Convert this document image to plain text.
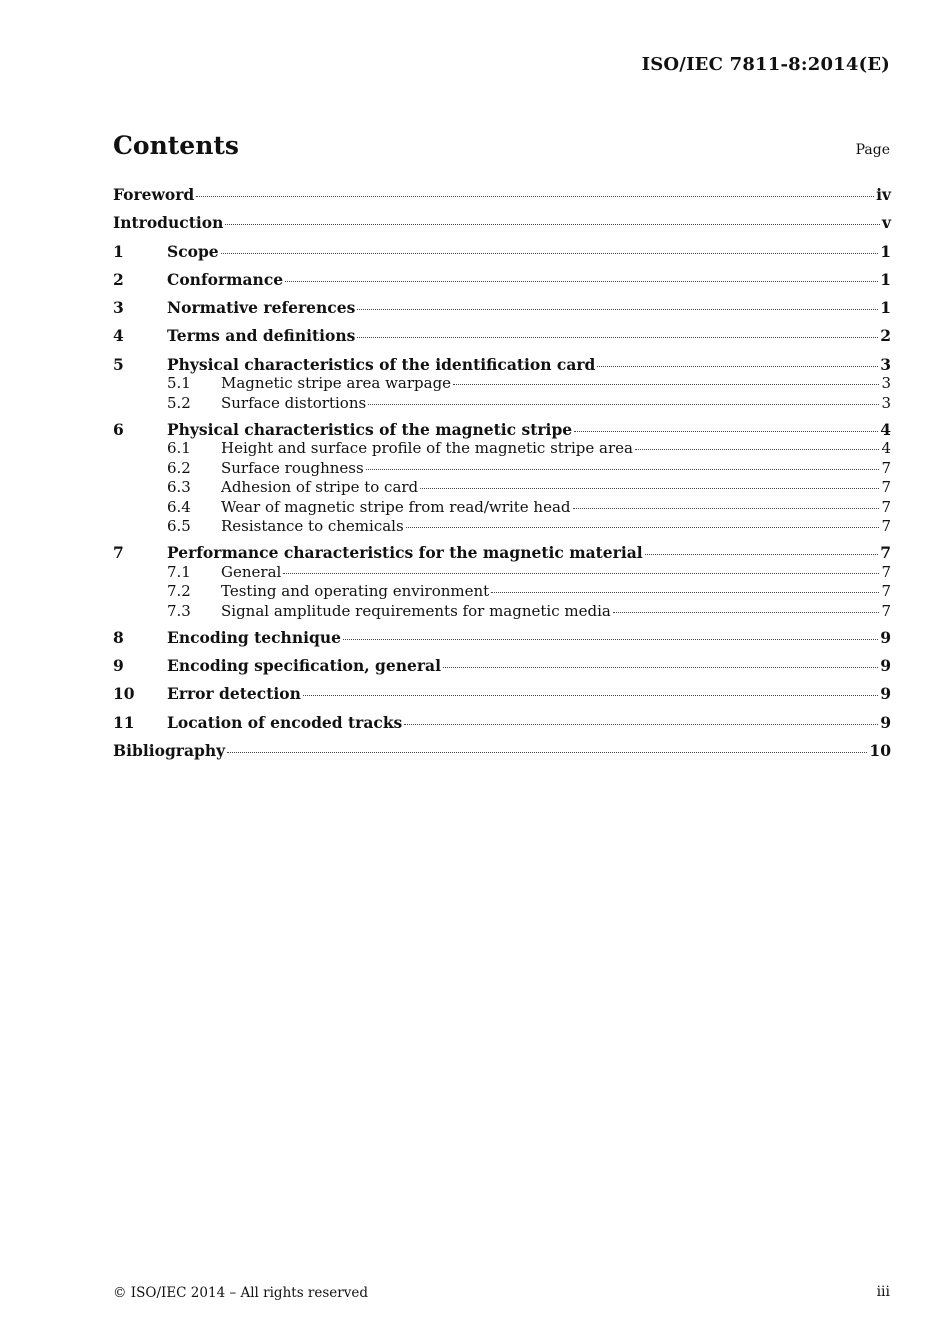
ISO/IEC 7811-8:2014(E)
Contents	Page
Foreword	iv
Introduction	v
1	Scope	1
2	Conformance	1
3	Normative references	1
4	Terms and definitions	2
5	Physical characteristics of the identification card	3
5.1	Magnetic stripe area warpage	3
5.2	Surface distortions	3
6	Physical characteristics of the magnetic stripe	4
6.1	Height and surface profile of the magnetic stripe area	4
6.2	Surface roughness	7
6.3	Adhesion of stripe to card	7
6.4	Wear of magnetic stripe from read/write head	7
6.5	Resistance to chemicals	7
7	Performance characteristics for the magnetic material	7
7.1	General	7
7.2	Testing and operating environment	7
7.3	Signal amplitude requirements for magnetic media	7
8	Encoding technique	9
9	Encoding specification, general	9
10	Error detection	9
11	Location of encoded tracks	9
Bibliography	10
© ISO/IEC 2014 – All rights reserved	iii
